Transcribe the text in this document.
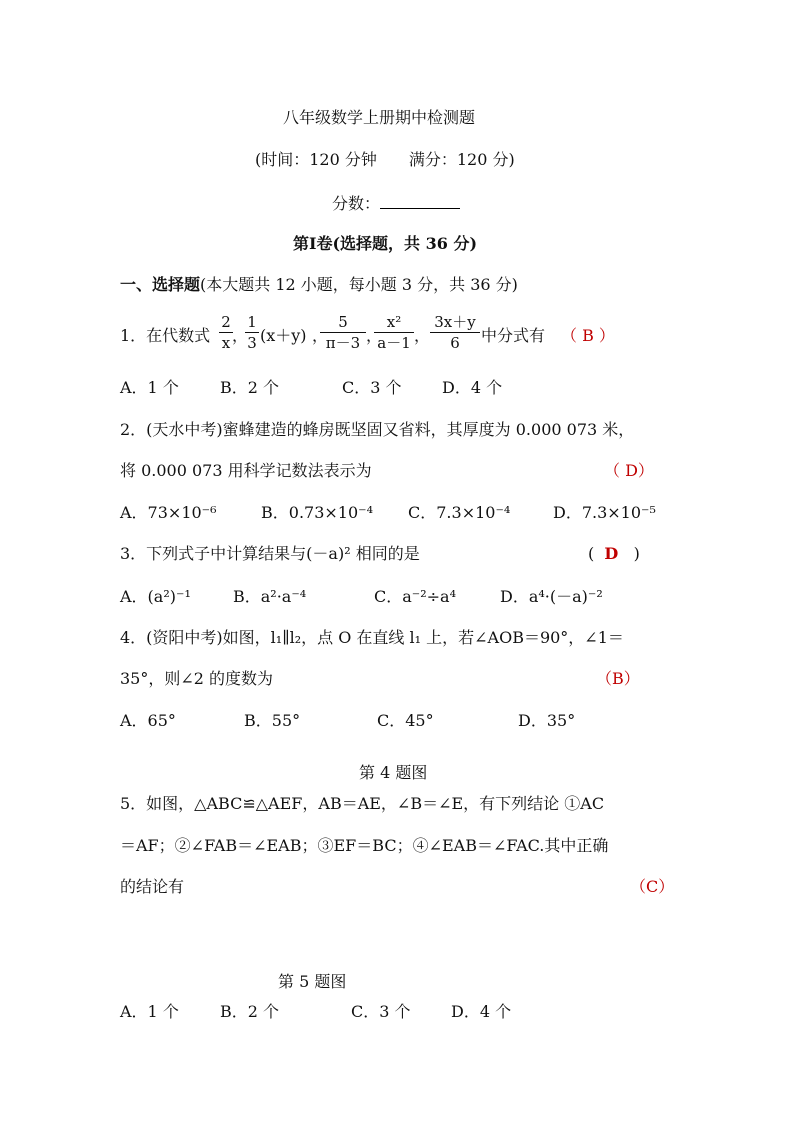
八年级数学上册期中检测题
(时间：120 分钟　　满分：120 分)
分数：
第Ⅰ卷(选择题，共 36 分)
一、选择题(本大题共 12 小题，每小题 3 分，共 36 分)
1．在代数式
2
x ，
1
3 (x＋y) ，
5
π－3 ，
x²
a－1 ，
3x＋y
6	中分式有 （ B ）
A．1 个	B．2 个	C．3 个	D．4 个
2．(天水中考)蜜蜂建造的蜂房既坚固又省料，其厚度为 0.000 073 米，
将 0.000 073 用科学记数法表示为	（ D）
A．73×10⁻⁶	B．0.73×10⁻⁴ C．7.3×10⁻⁴	D．7.3×10⁻⁵
3．下列式子中计算结果与(－a)² 相同的是	( D )
A．(a²)⁻¹	B．a²·a⁻⁴	C．a⁻²÷a⁴	D．a⁴·(－a)⁻²
4．(资阳中考)如图，l₁∥l₂，点 O 在直线 l₁ 上，若∠AOB＝90°，∠1＝
35°，则∠2 的度数为	（B）
A．65°	B．55°	C．45°	D．35°
第 4 题图
5．如图，△ABC≌△AEF，AB＝AE，∠B＝∠E，有下列结论 ①AC
＝AF；②∠FAB＝∠EAB；③EF＝BC；④∠EAB＝∠FAC.其中正确
的结论有	（C）
第 5 题图
A．1 个	B．2 个	C．3 个	D．4 个
